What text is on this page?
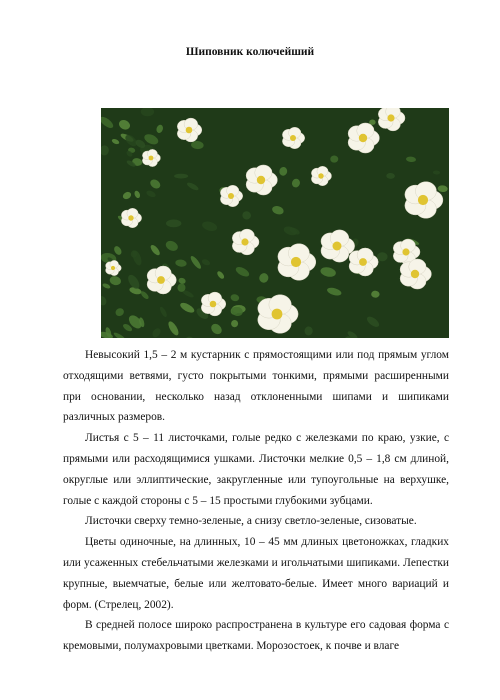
Шиповник колючейший

Невысокий 1,5 – 2 м кустарник с прямостоящими или под прямым углом отходящими ветвями, густо покрытыми тонкими, прямыми расширенными при основании, несколько назад отклоненными шипами и шипиками различных размеров.

Листья с 5 – 11 листочками, голые редко с железками по краю, узкие, с прямыми или расходящимися ушками. Листочки мелкие 0,5 – 1,8 см длиной, округлые или эллиптические, закругленные или тупоугольные на верхушке, голые с каждой стороны с 5 – 15 простыми глубокими зубцами.

Листочки сверху темно-зеленые, а снизу светло-зеленые, сизоватые.

Цветы одиночные, на длинных, 10 – 45 мм длиных цветоножках, гладких или усаженных стебельчатыми железками и игольчатыми шипиками. Лепестки крупные, выемчатые, белые или желтовато-белые. Имеет много вариаций и форм. (Стрелец, 2002).

В средней полосе широко распространена в культуре его садовая форма с кремовыми, полумахровыми цветками. Морозостоек, к почве и влаге
